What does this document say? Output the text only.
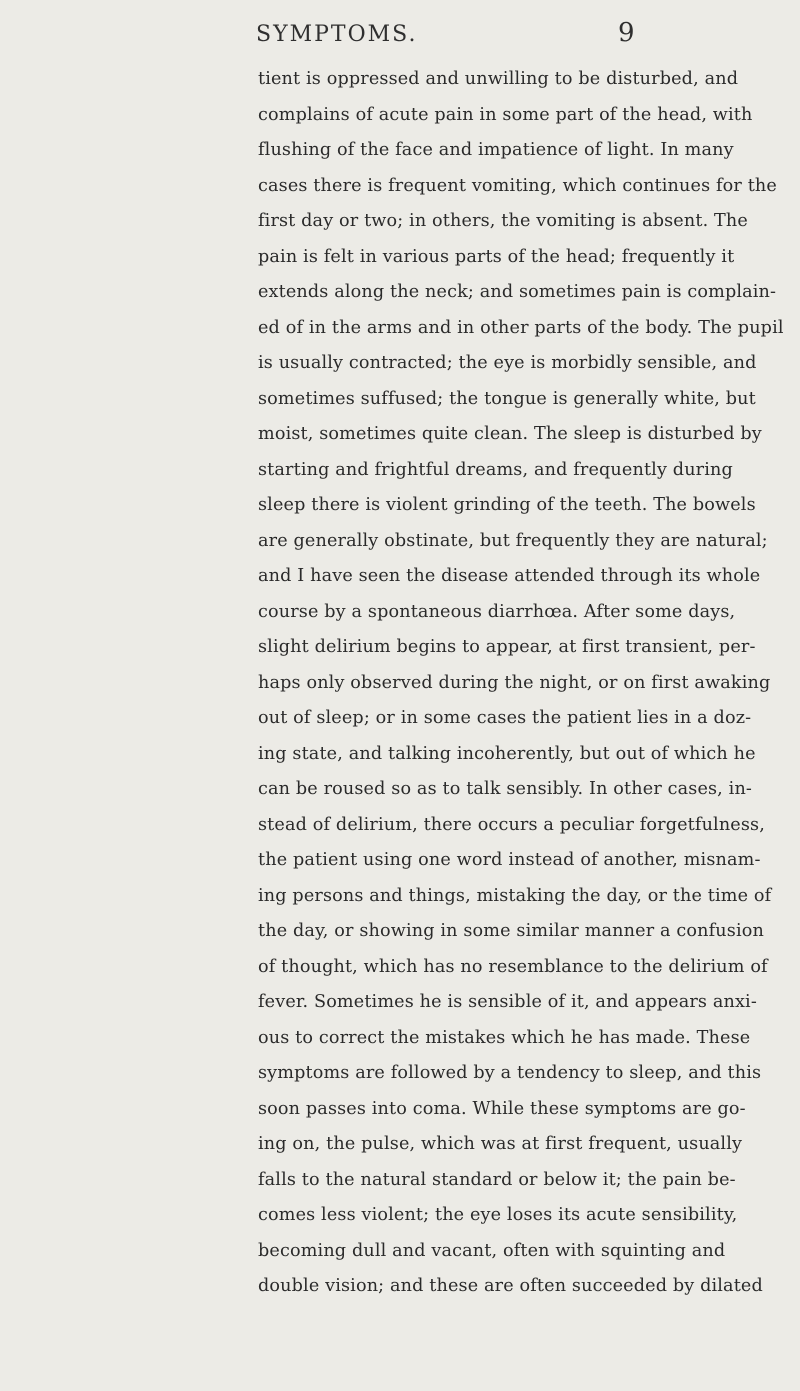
SYMPTOMS.	9
tient is oppressed and unwilling to be disturbed, and
complains of acute pain in some part of the head, with
flushing of the face and impatience of light. In many
cases there is frequent vomiting, which continues for the
first day or two; in others, the vomiting is absent. The
pain is felt in various parts of the head; frequently it
extends along the neck; and sometimes pain is complain-
ed of in the arms and in other parts of the body. The pupil
is usually contracted; the eye is morbidly sensible, and
sometimes suffused; the tongue is generally white, but
moist, sometimes quite clean. The sleep is disturbed by
starting and frightful dreams, and frequently during
sleep there is violent grinding of the teeth. The bowels
are generally obstinate, but frequently they are natural;
and I have seen the disease attended through its whole
course by a spontaneous diarrhœa. After some days,
slight delirium begins to appear, at first transient, per-
haps only observed during the night, or on first awaking
out of sleep; or in some cases the patient lies in a doz-
ing state, and talking incoherently, but out of which he
can be roused so as to talk sensibly. In other cases, in-
stead of delirium, there occurs a peculiar forgetfulness,
the patient using one word instead of another, misnam-
ing persons and things, mistaking the day, or the time of
the day, or showing in some similar manner a confusion
of thought, which has no resemblance to the delirium of
fever. Sometimes he is sensible of it, and appears anxi-
ous to correct the mistakes which he has made. These
symptoms are followed by a tendency to sleep, and this
soon passes into coma. While these symptoms are go-
ing on, the pulse, which was at first frequent, usually
falls to the natural standard or below it; the pain be-
comes less violent; the eye loses its acute sensibility,
becoming dull and vacant, often with squinting and
double vision; and these are often succeeded by dilated
